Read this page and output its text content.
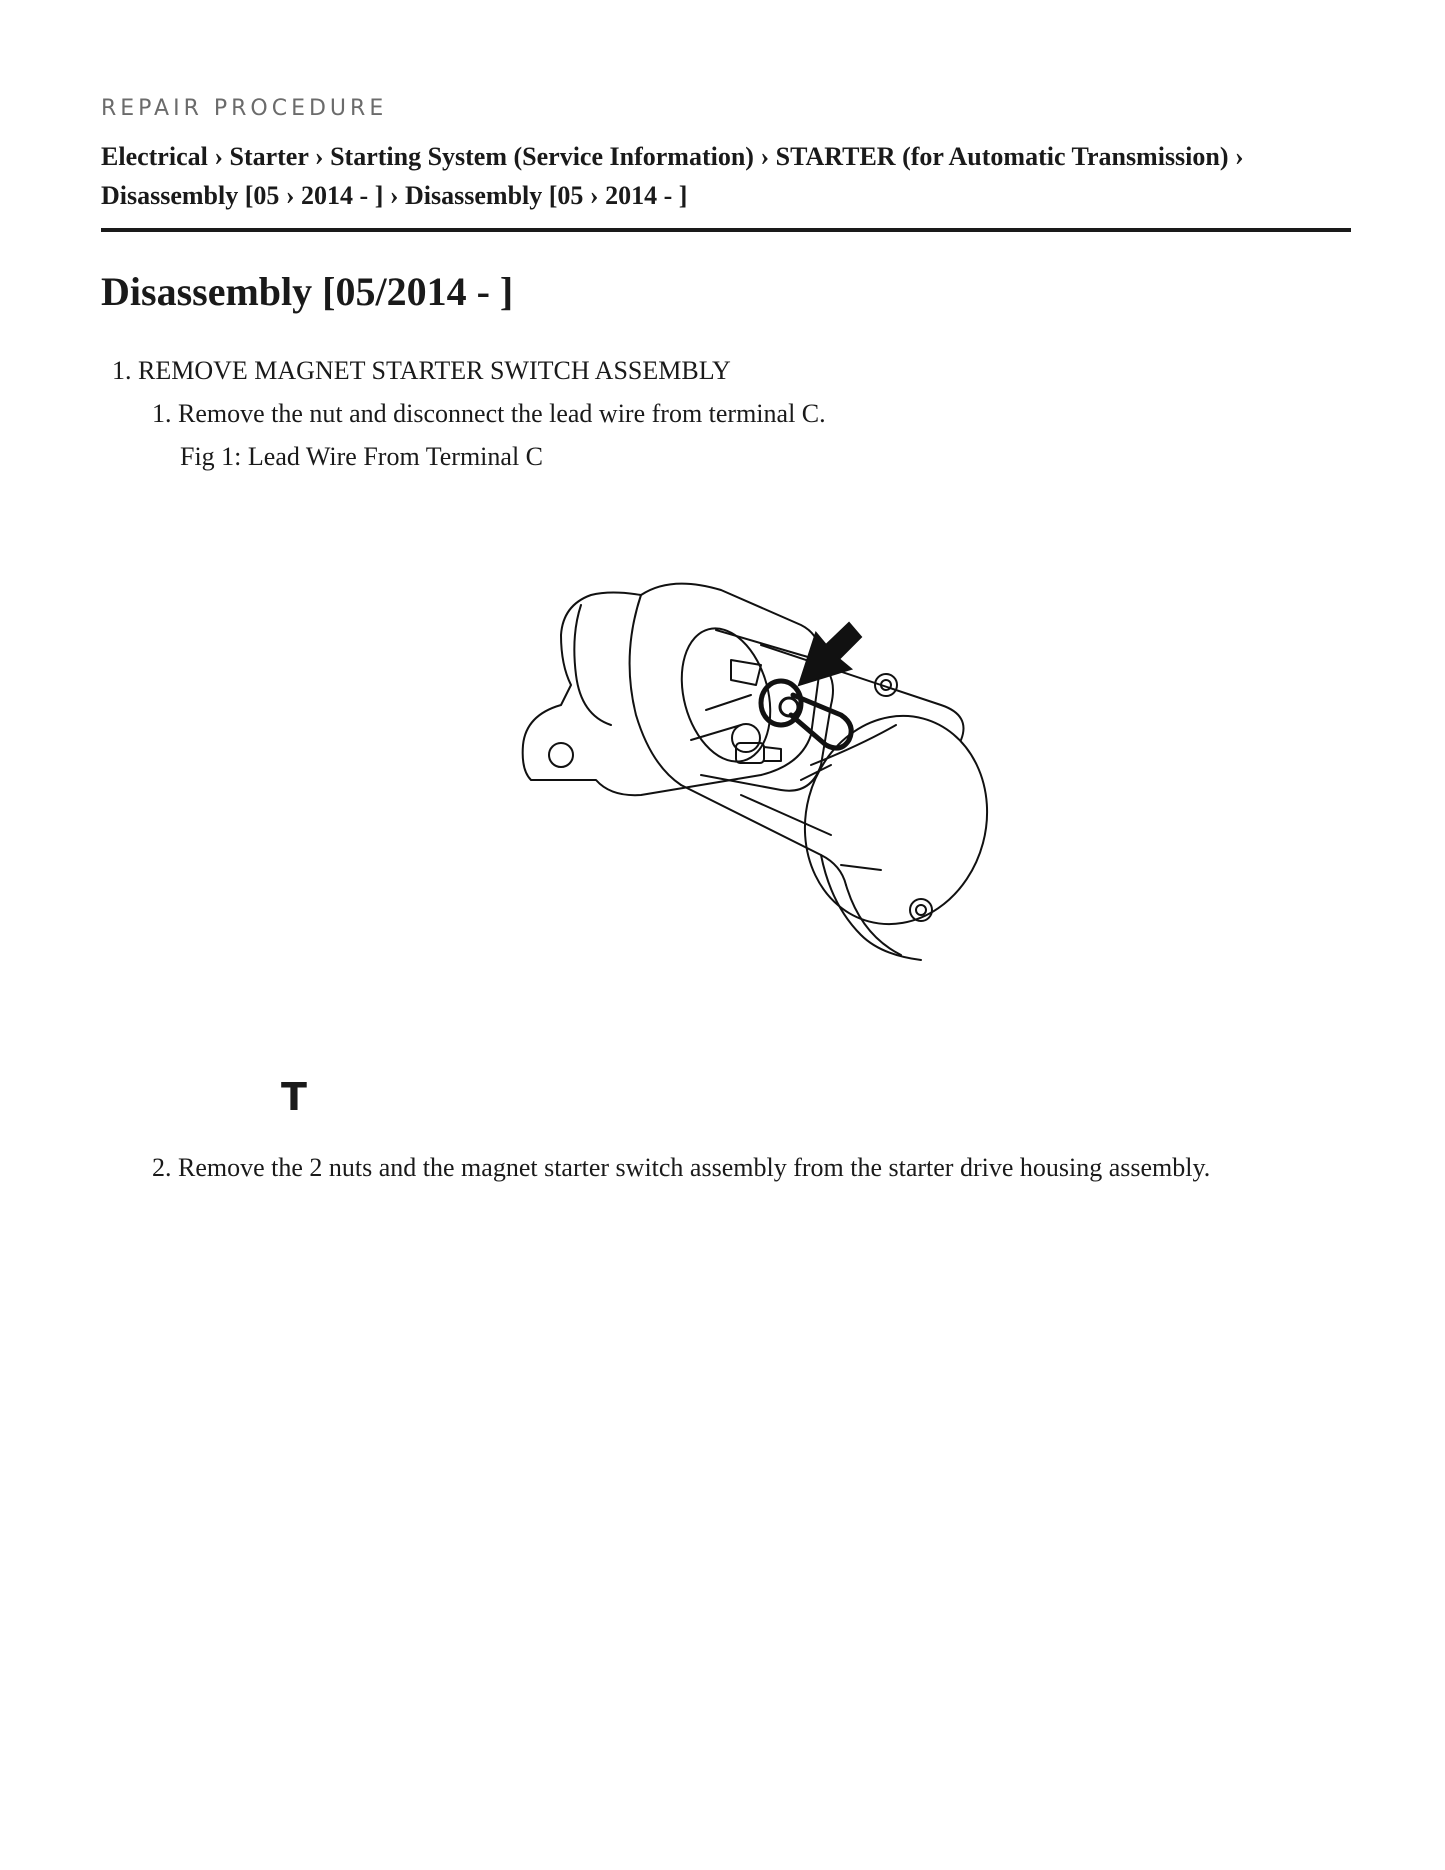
REPAIR PROCEDURE
Electrical › Starter › Starting System (Service Information) › STARTER (for Automatic Transmission) ›
Disassembly [05 › 2014 - ] › Disassembly [05 › 2014 - ]
Disassembly [05/2014 - ]
1. REMOVE MAGNET STARTER SWITCH ASSEMBLY
1. Remove the nut and disconnect the lead wire from terminal C.
Fig 1: Lead Wire From Terminal C
T
2. Remove the 2 nuts and the magnet starter switch assembly from the starter drive housing assembly.
